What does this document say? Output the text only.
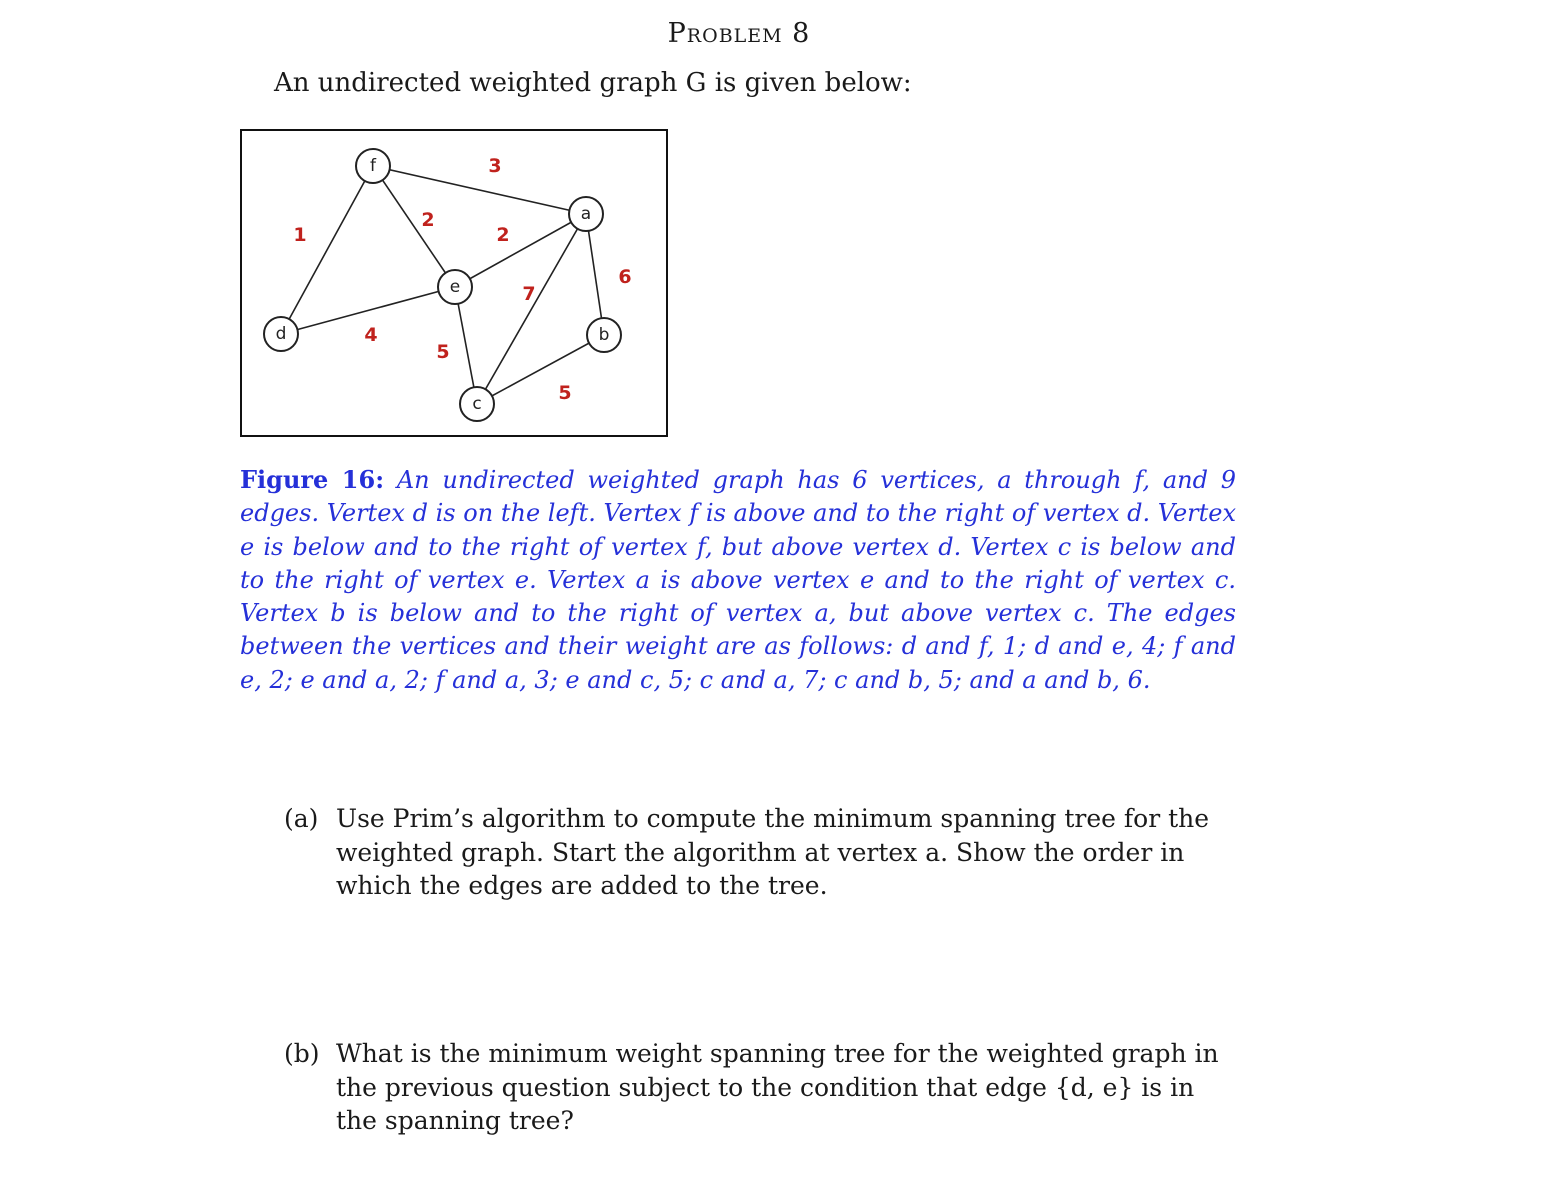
Problem 8
An undirected weighted graph G is given below:
1
4
2
2
3
5
7
5
6
d
f
e
c
a
b
Figure 16: An undirected weighted graph has 6 vertices, a through f, and 9 edges. Vertex d is on the left. Vertex f is above and to the right of vertex d. Vertex e is below and to the right of vertex f, but above vertex d. Vertex c is below and to the right of vertex e. Vertex a is above vertex e and to the right of vertex c. Vertex b is below and to the right of vertex a, but above vertex c. The edges between the vertices and their weight are as follows: d and f, 1; d and e, 4; f and e, 2; e and a, 2; f and a, 3; e and c, 5; c and a, 7; c and b, 5; and a and b, 6.
(a) Use Prim’s algorithm to compute the minimum spanning tree for the weighted graph. Start the algorithm at vertex a. Show the order in which the edges are added to the tree.
(b) What is the minimum weight spanning tree for the weighted graph in the previous question subject to the condition that edge {d, e} is in the spanning tree?
